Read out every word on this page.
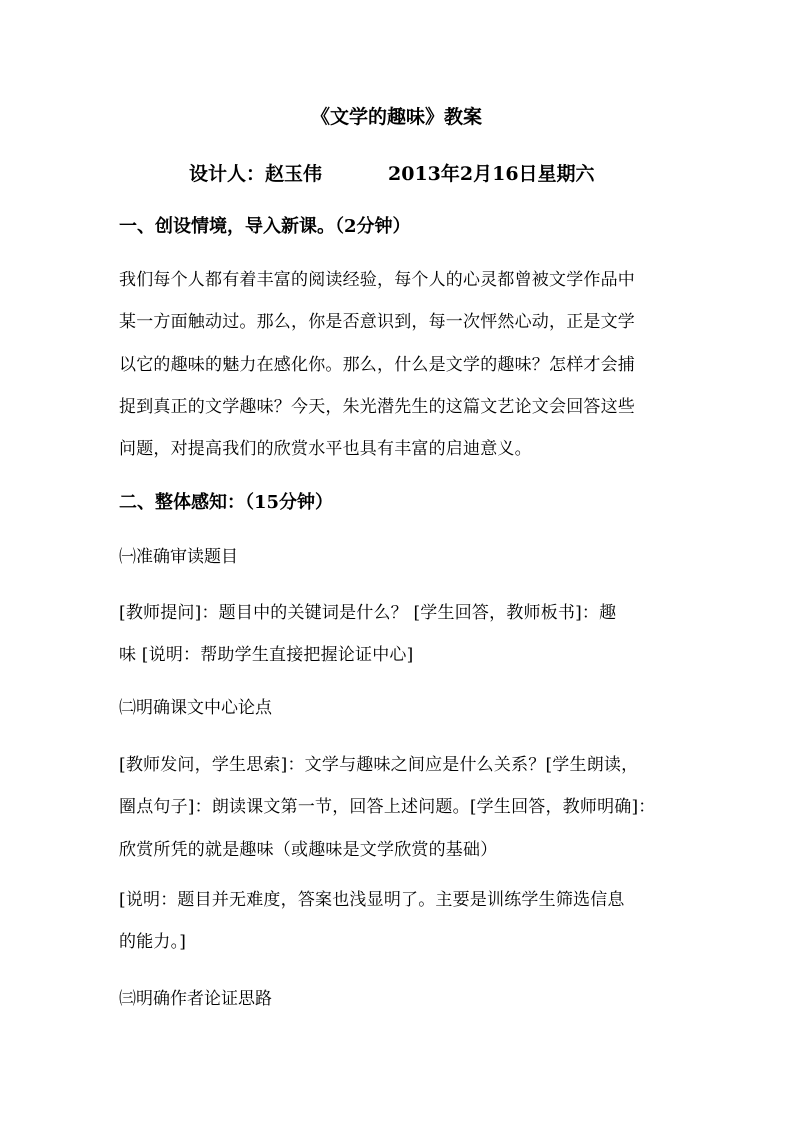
《文学的趣味》教案
设计人：赵玉伟	2013年2月16日星期六
一、创设情境，导入新课。（2分钟）
我们每个人都有着丰富的阅读经验，每个人的心灵都曾被文学作品中
某一方面触动过。那么，你是否意识到，每一次怦然心动，正是文学
以它的趣味的魅力在感化你。那么，什么是文学的趣味？怎样才会捕
捉到真正的文学趣味？今天，朱光潜先生的这篇文艺论文会回答这些
问题，对提高我们的欣赏水平也具有丰富的启迪意义。
二、整体感知：（15分钟）
㈠准确审读题目
[教师提问]：题目中的关键词是什么？ [学生回答，教师板书]：趣
味 [说明：帮助学生直接把握论证中心]
㈡明确课文中心论点
[教师发问，学生思索]：文学与趣味之间应是什么关系？[学生朗读，
圈点句子]：朗读课文第一节，回答上述问题。[学生回答，教师明确]：
欣赏所凭的就是趣味（或趣味是文学欣赏的基础）
[说明：题目并无难度，答案也浅显明了。主要是训练学生筛选信息
的能力。]
㈢明确作者论证思路
